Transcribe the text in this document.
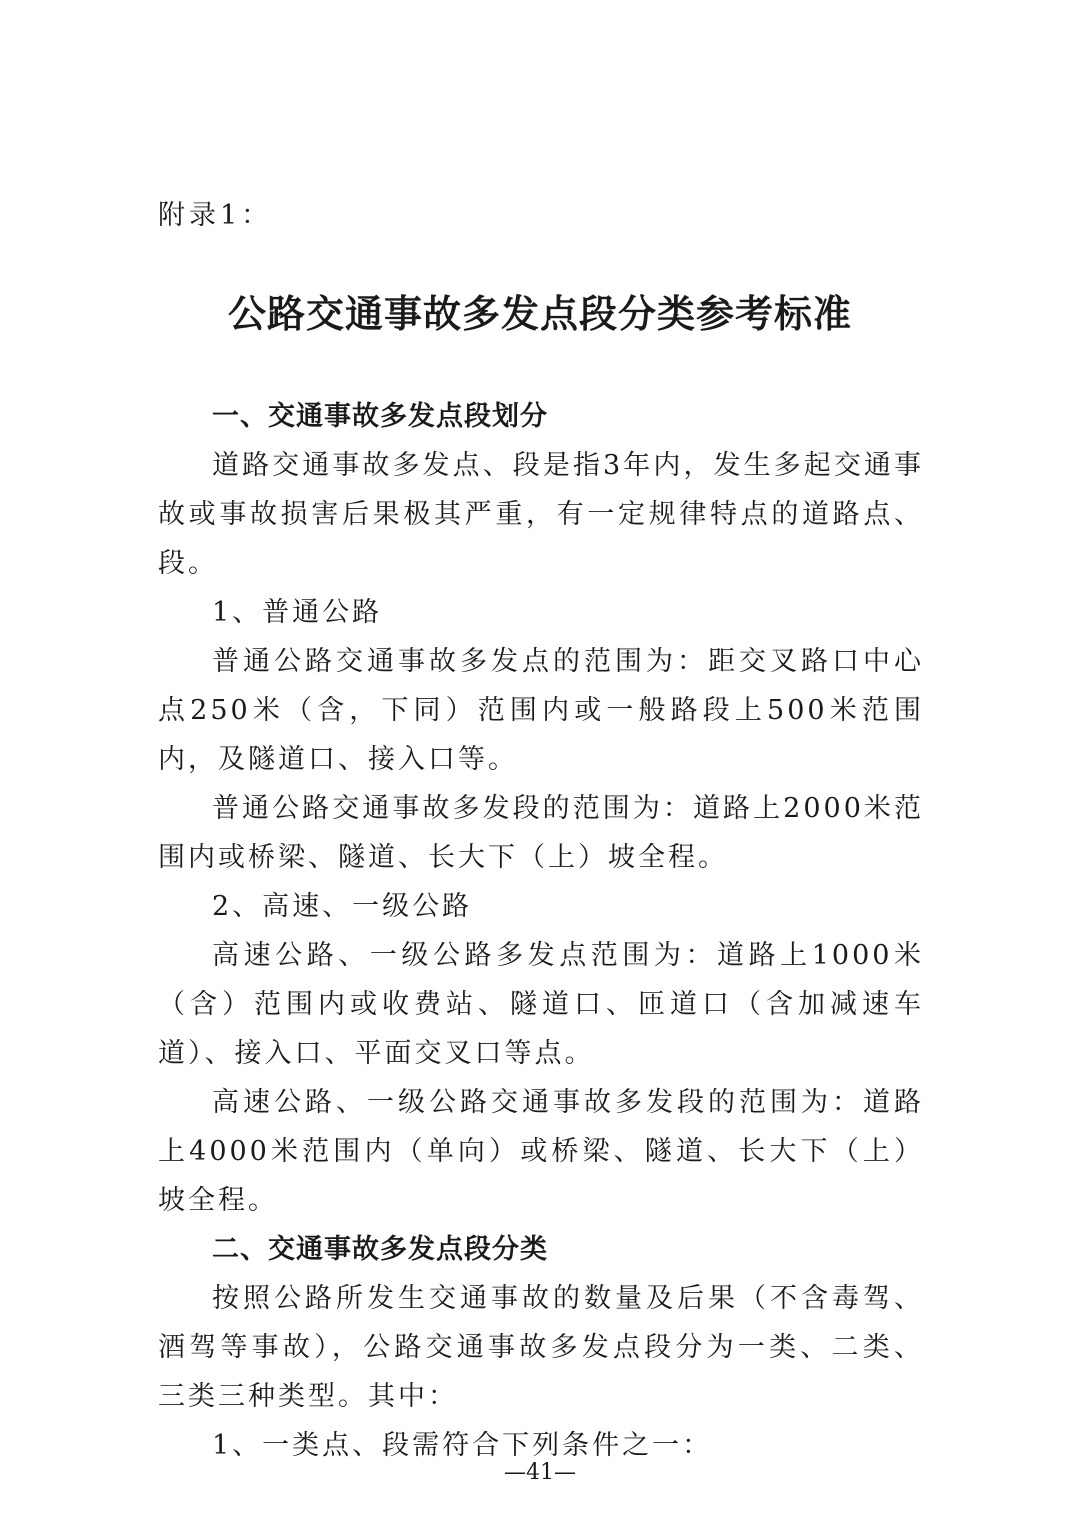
附录1：
公路交通事故多发点段分类参考标准

一、交通事故多发点段划分

道路交通事故多发点、段是指3年内，发生多起交通事故或事故损害后果极其严重，有一定规律特点的道路点、段。

1、普通公路

普通公路交通事故多发点的范围为：距交叉路口中心点250米（含，下同）范围内或一般路段上500米范围内，及隧道口、接入口等。

普通公路交通事故多发段的范围为：道路上2000米范围内或桥梁、隧道、长大下（上）坡全程。

2、高速、一级公路

高速公路、一级公路多发点范围为：道路上1000米（含）范围内或收费站、隧道口、匝道口（含加减速车道）、接入口、平面交叉口等点。

高速公路、一级公路交通事故多发段的范围为：道路上4000米范围内（单向）或桥梁、隧道、长大下（上）坡全程。

二、交通事故多发点段分类

按照公路所发生交通事故的数量及后果（不含毒驾、酒驾等事故），公路交通事故多发点段分为一类、二类、三类三种类型。其中：

1、一类点、段需符合下列条件之一：

—41—
